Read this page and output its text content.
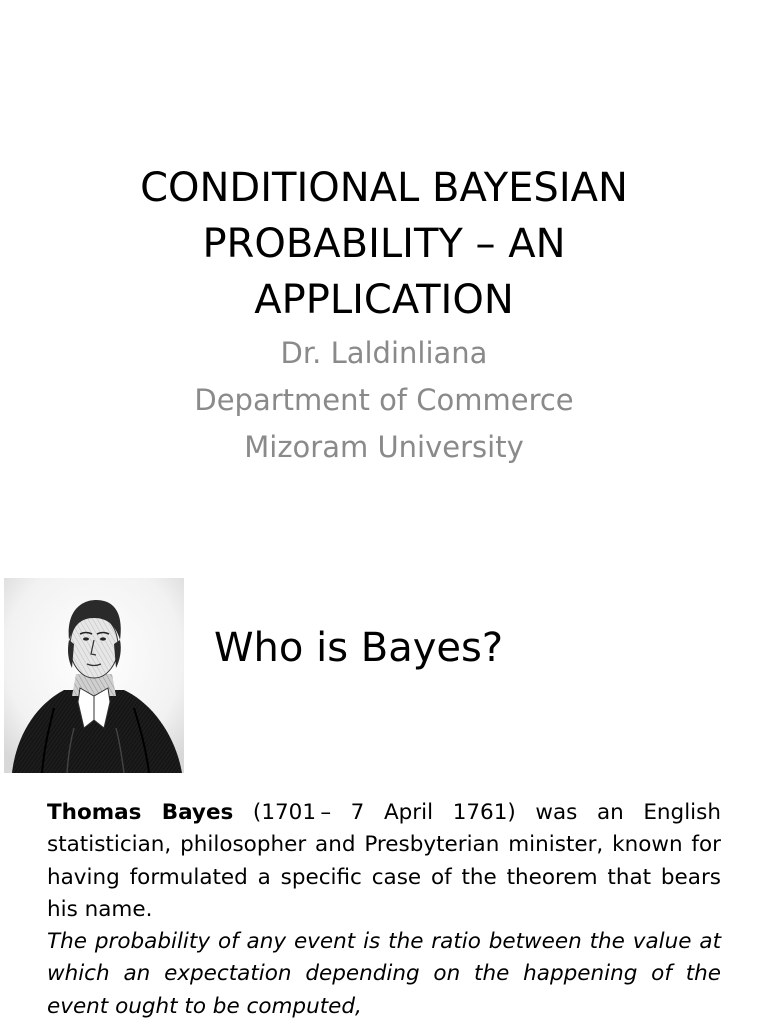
CONDITIONAL BAYESIAN
PROBABILITY – AN
APPLICATION
Dr. Laldinliana
Department of Commerce
Mizoram University
Who is Bayes?

Thomas Bayes (1701 – 7 April 1761) was an English statistician, philosopher and Presbyterian minister, known for having formulated a specific case of the theorem that bears his name.

The probability of any event is the ratio between the value at which an expectation depending on the happening of the event ought to be computed,
